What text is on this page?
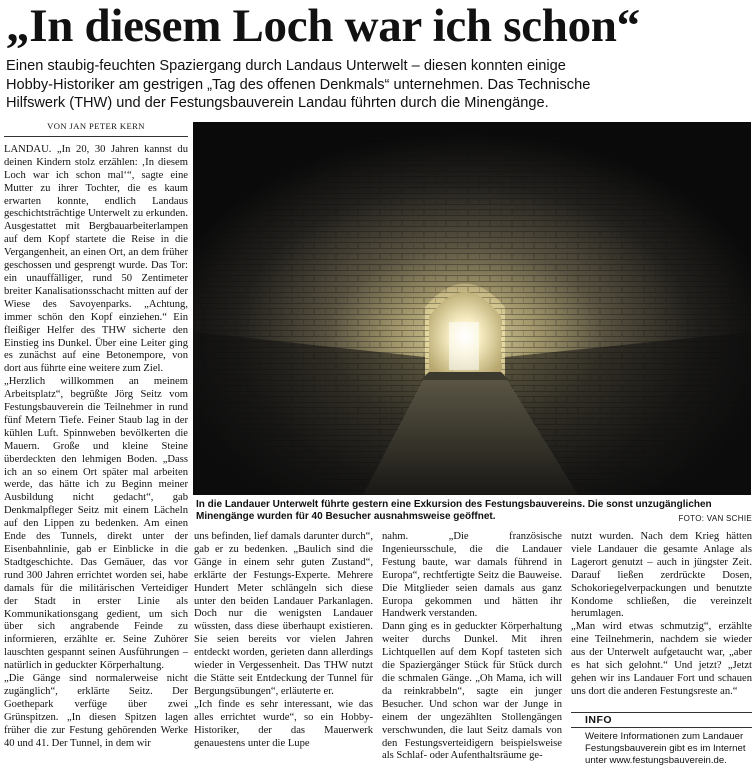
„In diesem Loch war ich schon“

Einen staubig-feuchten Spaziergang durch Landaus Unterwelt – diesen konnten einige

Hobby-Historiker am gestrigen „Tag des offenen Denkmals“ unternehmen. Das Technische

Hilfswerk (THW) und der Festungsbauverein Landau führten durch die Minengänge.

VON JAN PETER KERN

LANDAU. „In 20, 30 Jahren kannst du deinen Kindern stolz erzählen: ‚In diesem Loch war ich schon mal‘“, sagte eine Mutter zu ihrer Tochter, die es kaum erwarten konnte, endlich Landaus geschichtsträchtige Unterwelt zu erkunden. Ausgestattet mit Bergbauarbeiterlampen auf dem Kopf startete die Reise in die Vergangenheit, an einen Ort, an dem früher geschossen und gesprengt wurde. Das Tor: ein unauffälliger, rund 50 Zentimeter breiter Kanalisationsschacht mitten auf der Wiese des Savoyenparks. „Achtung, immer schön den Kopf einziehen.“ Ein fleißiger Helfer des THW sicherte den Einstieg ins Dunkel. Über eine Leiter ging es zunächst auf eine Betonempore, von dort aus führte eine weitere zum Ziel.

„Herzlich willkommen an meinem Arbeitsplatz“, begrüßte Jörg Seitz vom Festungsbauverein die Teilnehmer in rund fünf Metern Tiefe. Feiner Staub lag in der kühlen Luft. Spinnweben bevölkerten die Mauern. Große und kleine Steine überdeckten den lehmigen Boden. „Dass ich an so einem Ort später mal arbeiten werde, das hätte ich zu Beginn meiner Ausbildung nicht gedacht“, gab Denkmalpfleger Seitz mit einem Lächeln auf den Lippen zu bedenken. Am einen Ende des Tunnels, direkt unter der Eisenbahnlinie, gab er Einblicke in die Stadtgeschichte. Das Gemäuer, das vor rund 300 Jahren errichtet worden sei, habe damals für die militärischen Verteidiger der Stadt in erster Linie als Kommunikationsgang gedient, um sich über sich angrabende Feinde zu informieren, erzählte er. Seine Zuhörer lauschten gespannt seinen Ausführungen – natürlich in geduckter Körperhaltung.

„Die Gänge sind normalerweise nicht zugänglich“, erklärte Seitz. Der Goethepark verfüge über zwei Grünspitzen. „In diesen Spitzen lagen früher die zur Festung gehörenden Werke 40 und 41. Der Tunnel, in dem wir

In die Landauer Unterwelt führte gestern eine Exkursion des Festungsbauvereins. Die sonst unzugänglichen Minengänge wurden für 40 Besucher ausnahmsweise geöffnet.	FOTO: VAN SCHIE

uns befinden, lief damals darunter durch“, gab er zu bedenken. „Baulich sind die Gänge in einem sehr guten Zustand“, erklärte der Festungs-Experte. Mehrere Hundert Meter schlängeln sich diese unter den beiden Landauer Parkanlagen. Doch nur die wenigsten Landauer wüssten, dass diese überhaupt existieren. Sie seien bereits vor vielen Jahren entdeckt worden, gerieten dann allerdings wieder in Vergessenheit. Das THW nutzt die Stätte seit Entdeckung der Tunnel für Bergungsübungen“, erläuterte er.

„Ich finde es sehr interessant, wie das alles errichtet wurde“, so ein Hobby-Historiker, der das Mauerwerk genauestens unter die Lupe

nahm. „Die französische Ingenieursschule, die die Landauer Festung baute, war damals führend in Europa“, rechtfertigte Seitz die Bauweise. Die Mitglieder seien damals aus ganz Europa gekommen und hätten ihr Handwerk verstanden.

Dann ging es in geduckter Körperhaltung weiter durchs Dunkel. Mit ihren Lichtquellen auf dem Kopf tasteten sich die Spaziergänger Stück für Stück durch die schmalen Gänge. „Oh Mama, ich will da reinkrabbeln“, sagte ein junger Besucher. Und schon war der Junge in einem der ungezählten Stollengängen verschwunden, die laut Seitz damals von den Festungsverteidigern beispielsweise als Schlaf- oder Aufenthaltsräume ge-

nutzt wurden. Nach dem Krieg hätten viele Landauer die gesamte Anlage als Lagerort genutzt – auch in jüngster Zeit. Darauf ließen zerdrückte Dosen, Schokoriegelverpackungen und benutzte Kondome schließen, die vereinzelt herumlagen.

„Man wird etwas schmutzig“, erzählte eine Teilnehmerin, nachdem sie wieder aus der Unterwelt aufgetaucht war, „aber es hat sich gelohnt.“ Und jetzt? „Jetzt gehen wir ins Landauer Fort und schauen uns dort die anderen Festungsreste an.“

INFO
Weitere Informationen zum Landauer Festungsbauverein gibt es im Internet unter www.festungsbauverein.de.
